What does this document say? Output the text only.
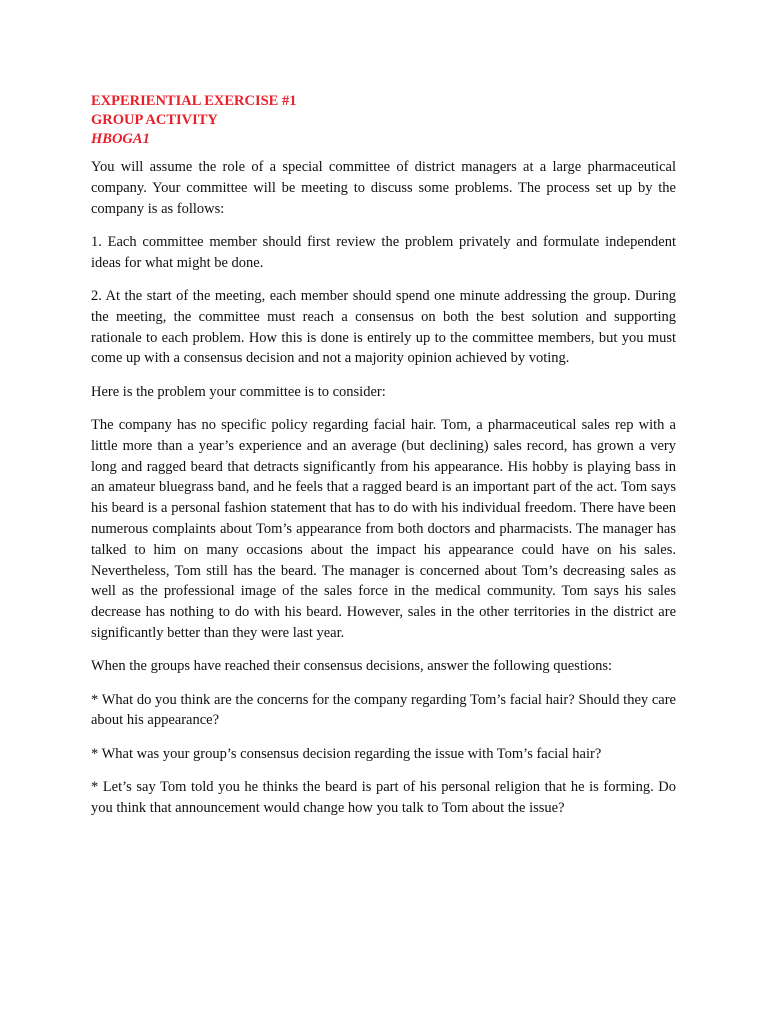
EXPERIENTIAL EXERCISE #1
GROUP ACTIVITY
HBOGA1

You will assume the role of a special committee of district managers at a large pharmaceutical company. Your committee will be meeting to discuss some problems. The process set up by the company is as follows:

1. Each committee member should first review the problem privately and formulate independent ideas for what might be done.

2. At the start of the meeting, each member should spend one minute addressing the group. During the meeting, the committee must reach a consensus on both the best solution and supporting rationale to each problem. How this is done is entirely up to the committee members, but you must come up with a consensus decision and not a majority opinion achieved by voting.

Here is the problem your committee is to consider:

The company has no specific policy regarding facial hair. Tom, a pharmaceutical sales rep with a little more than a year’s experience and an average (but declining) sales record, has grown a very long and ragged beard that detracts significantly from his appearance. His hobby is playing bass in an amateur bluegrass band, and he feels that a ragged beard is an important part of the act. Tom says his beard is a personal fashion statement that has to do with his individual freedom. There have been numerous complaints about Tom’s appearance from both doctors and pharmacists. The manager has talked to him on many occasions about the impact his appearance could have on his sales. Nevertheless, Tom still has the beard. The manager is concerned about Tom’s decreasing sales as well as the professional image of the sales force in the medical community. Tom says his sales decrease has nothing to do with his beard. However, sales in the other territories in the district are significantly better than they were last year.

When the groups have reached their consensus decisions, answer the following questions:

* What do you think are the concerns for the company regarding Tom’s facial hair? Should they care about his appearance?

* What was your group’s consensus decision regarding the issue with Tom’s facial hair?

* Let’s say Tom told you he thinks the beard is part of his personal religion that he is forming. Do you think that announcement would change how you talk to Tom about the issue?
